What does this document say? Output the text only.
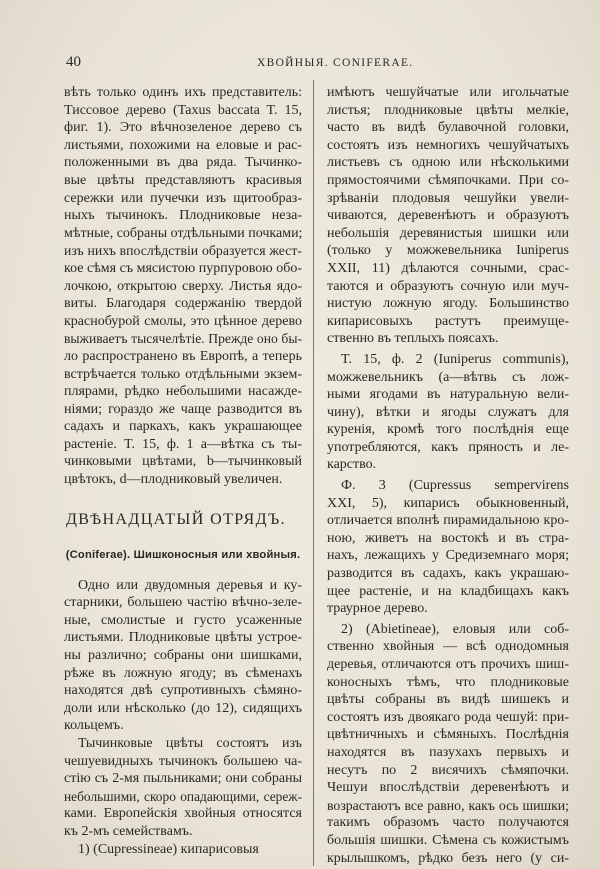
40	ХВОЙНЫЯ. CONIFERAE.
вѣть только одинъ ихъ представитель:
Тиссовое дерево (Taxus baccata T. 15,
фиг. 1). Это вѣчнозеленое дерево съ
листьями, похожими на еловые и рас-
положенными въ два ряда. Тычинко-
вые цвѣты представляютъ красивыя
сережки или пучечки изъ щитообраз-
ныхъ тычинокъ. Плодниковые неза-
мѣтные, собраны отдѣльными почками;
изъ нихъ впослѣдствіи образуется жест-
кое сѣмя съ мясистою пурпуровою обо-
лочкою, открытою сверху. Листья ядо-
виты. Благодаря содержанію твердой
краснобурой смолы, это цѣнное дерево
выживаетъ тысячелѣтіе. Прежде оно бы-
ло распространено въ Европѣ, а теперь
встрѣчается только отдѣльными экзем-
плярами, рѣдко небольшими насажде-
ніями; гораздо же чаще разводится въ
садахъ и паркахъ, какъ украшающее
растеніе. T. 15, ф. 1 а—вѣтка съ ты-
чинковыми цвѣтами, b—тычинковый
цвѣтокъ, d—плодниковый увеличен.
ДВѢНАДЦАТЫЙ ОТРЯДЪ.
(Coniferae). Шишконосныя или хвойныя.
Одно или двудомныя деревья и ку-
старники, большею частію вѣчно-зеле-
ные, смолистые и густо усаженные
листьями. Плодниковые цвѣты устрое-
ны различно; собраны они шишками,
рѣже въ ложную ягоду; въ сѣменахъ
находятся двѣ супротивныхъ сѣмяно-
доли или нѣсколько (до 12), сидящихъ
кольцемъ.
Тычинковые цвѣты состоятъ изъ
чешуевидныхъ тычинокъ большею ча-
стію съ 2-мя пыльниками; они собраны
небольшими, скоро опадающими, сереж-
ками. Европейскія хвойныя относятся
къ 2-мъ семействамъ.
1) (Cupressineae) кипарисовыя
имѣютъ чешуйчатые или игольчатые
листья; плодниковые цвѣты мелкіе,
часто въ видѣ булавочной головки,
состоятъ изъ немногихъ чешуйчатыхъ
листьевъ съ одною или нѣсколькими
прямостоячими сѣмяпочками. При со-
зрѣваніи плодовыя чешуйки увели-
чиваются, деревенѣютъ и образуютъ
небольшія деревянистыя шишки или
(только у можжевельника Iuniperus
XXII, 11) дѣлаются сочными, срас-
таются и образуютъ сочную или муч-
нистую ложную ягоду. Большинство
кипарисовыхъ растутъ преимуще-
ственно въ теплыхъ поясахъ.
T. 15, ф. 2 (Iuniperus communis),
можжевельникъ (а—вѣтвь съ лож-
ными ягодами въ натуральную вели-
чину), вѣтки и ягоды служатъ для
куренія, кромѣ того послѣднія еще
употребляются, какъ пряность и ле-
карство.
Ф. 3 (Cupressus sempervirens
XXI, 5), кипарисъ обыкновенный,
отличается вполнѣ пирамидальною кро-
ною, живетъ на востокѣ и въ стра-
нахъ, лежащихъ у Средиземнаго моря;
разводится въ садахъ, какъ украшаю-
щее растеніе, и на кладбищахъ какъ
траурное дерево.
2) (Abietineae), еловыя или соб-
ственно хвойныя — всѣ однодомныя
деревья, отличаются отъ прочихъ шиш-
коносныхъ тѣмъ, что плодниковые
цвѣты собраны въ видѣ шишекъ и
состоятъ изъ двоякаго рода чешуй: при-
цвѣтничныхъ и сѣмяныхъ. Послѣднія
находятся въ пазухахъ первыхъ и
несутъ по 2 висячихъ сѣмяпочки.
Чешуи впослѣдствіи деревенѣютъ и
возрастаютъ все равно, какъ ось шишки;
такимъ образомъ часто получаются
большія шишки. Сѣмена съ кожистымъ
крылышкомъ, рѣдко безъ него (у си-
